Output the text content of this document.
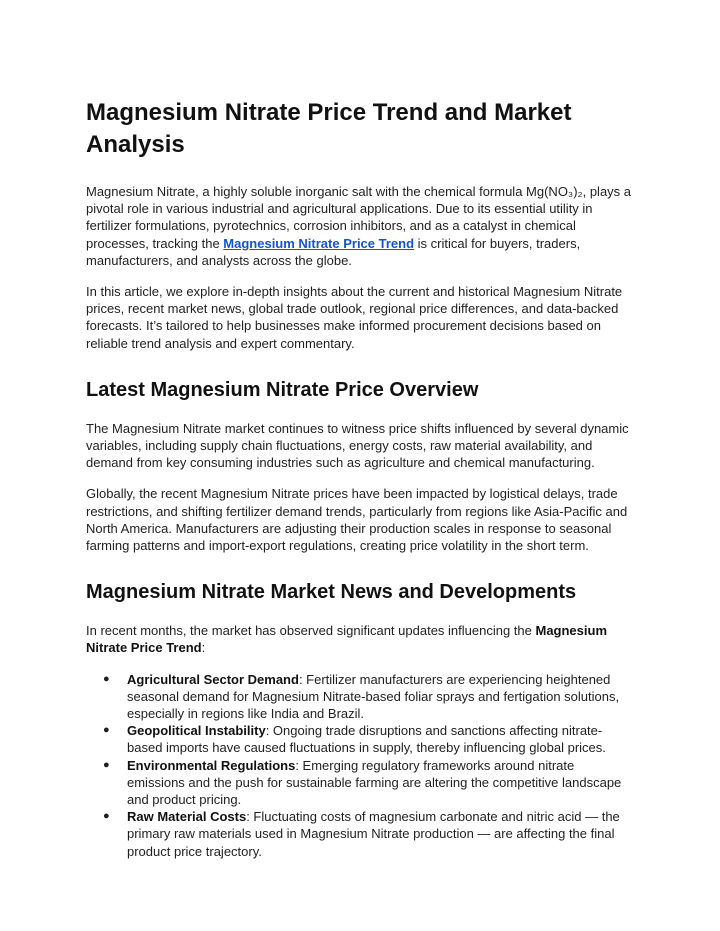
Magnesium Nitrate Price Trend and Market Analysis

Magnesium Nitrate, a highly soluble inorganic salt with the chemical formula Mg(NO₃)₂, plays a pivotal role in various industrial and agricultural applications. Due to its essential utility in fertilizer formulations, pyrotechnics, corrosion inhibitors, and as a catalyst in chemical processes, tracking the Magnesium Nitrate Price Trend is critical for buyers, traders, manufacturers, and analysts across the globe.

In this article, we explore in-depth insights about the current and historical Magnesium Nitrate prices, recent market news, global trade outlook, regional price differences, and data-backed forecasts. It’s tailored to help businesses make informed procurement decisions based on reliable trend analysis and expert commentary.

Latest Magnesium Nitrate Price Overview

The Magnesium Nitrate market continues to witness price shifts influenced by several dynamic variables, including supply chain fluctuations, energy costs, raw material availability, and demand from key consuming industries such as agriculture and chemical manufacturing.

Globally, the recent Magnesium Nitrate prices have been impacted by logistical delays, trade restrictions, and shifting fertilizer demand trends, particularly from regions like Asia-Pacific and North America. Manufacturers are adjusting their production scales in response to seasonal farming patterns and import-export regulations, creating price volatility in the short term.

Magnesium Nitrate Market News and Developments

In recent months, the market has observed significant updates influencing the Magnesium Nitrate Price Trend:

● Agricultural Sector Demand: Fertilizer manufacturers are experiencing heightened seasonal demand for Magnesium Nitrate-based foliar sprays and fertigation solutions, especially in regions like India and Brazil.
● Geopolitical Instability: Ongoing trade disruptions and sanctions affecting nitrate-based imports have caused fluctuations in supply, thereby influencing global prices.
● Environmental Regulations: Emerging regulatory frameworks around nitrate emissions and the push for sustainable farming are altering the competitive landscape and product pricing.
● Raw Material Costs: Fluctuating costs of magnesium carbonate and nitric acid — the primary raw materials used in Magnesium Nitrate production — are affecting the final product price trajectory.
